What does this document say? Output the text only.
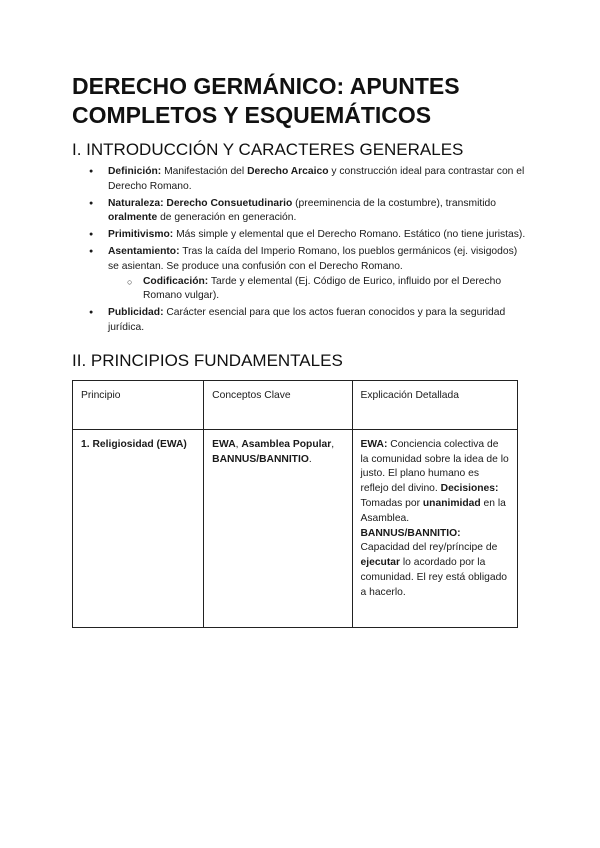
DERECHO GERMÁNICO: APUNTES COMPLETOS Y ESQUEMÁTICOS
I. INTRODUCCIÓN Y CARACTERES GENERALES
● Definición: Manifestación del Derecho Arcaico y construcción ideal para contrastar con el Derecho Romano.
● Naturaleza: Derecho Consuetudinario (preeminencia de la costumbre), transmitido oralmente de generación en generación.
● Primitivismo: Más simple y elemental que el Derecho Romano. Estático (no tiene juristas).
● Asentamiento: Tras la caída del Imperio Romano, los pueblos germánicos (ej. visigodos) se asientan. Se produce una confusión con el Derecho Romano.
○ Codificación: Tarde y elemental (Ej. Código de Eurico, influido por el Derecho Romano vulgar).
● Publicidad: Carácter esencial para que los actos fueran conocidos y para la seguridad jurídica.
II. PRINCIPIOS FUNDAMENTALES
Principio	Conceptos Clave	Explicación Detallada
1. Religiosidad (EWA)	EWA, Asamblea Popular, BANNUS/BANNITIO.	EWA: Conciencia colectiva de la comunidad sobre la idea de lo justo. El plano humano es reflejo del divino. Decisiones: Tomadas por unanimidad en la Asamblea. BANNUS/BANNITIO: Capacidad del rey/príncipe de ejecutar lo acordado por la comunidad. El rey está obligado a hacerlo.
